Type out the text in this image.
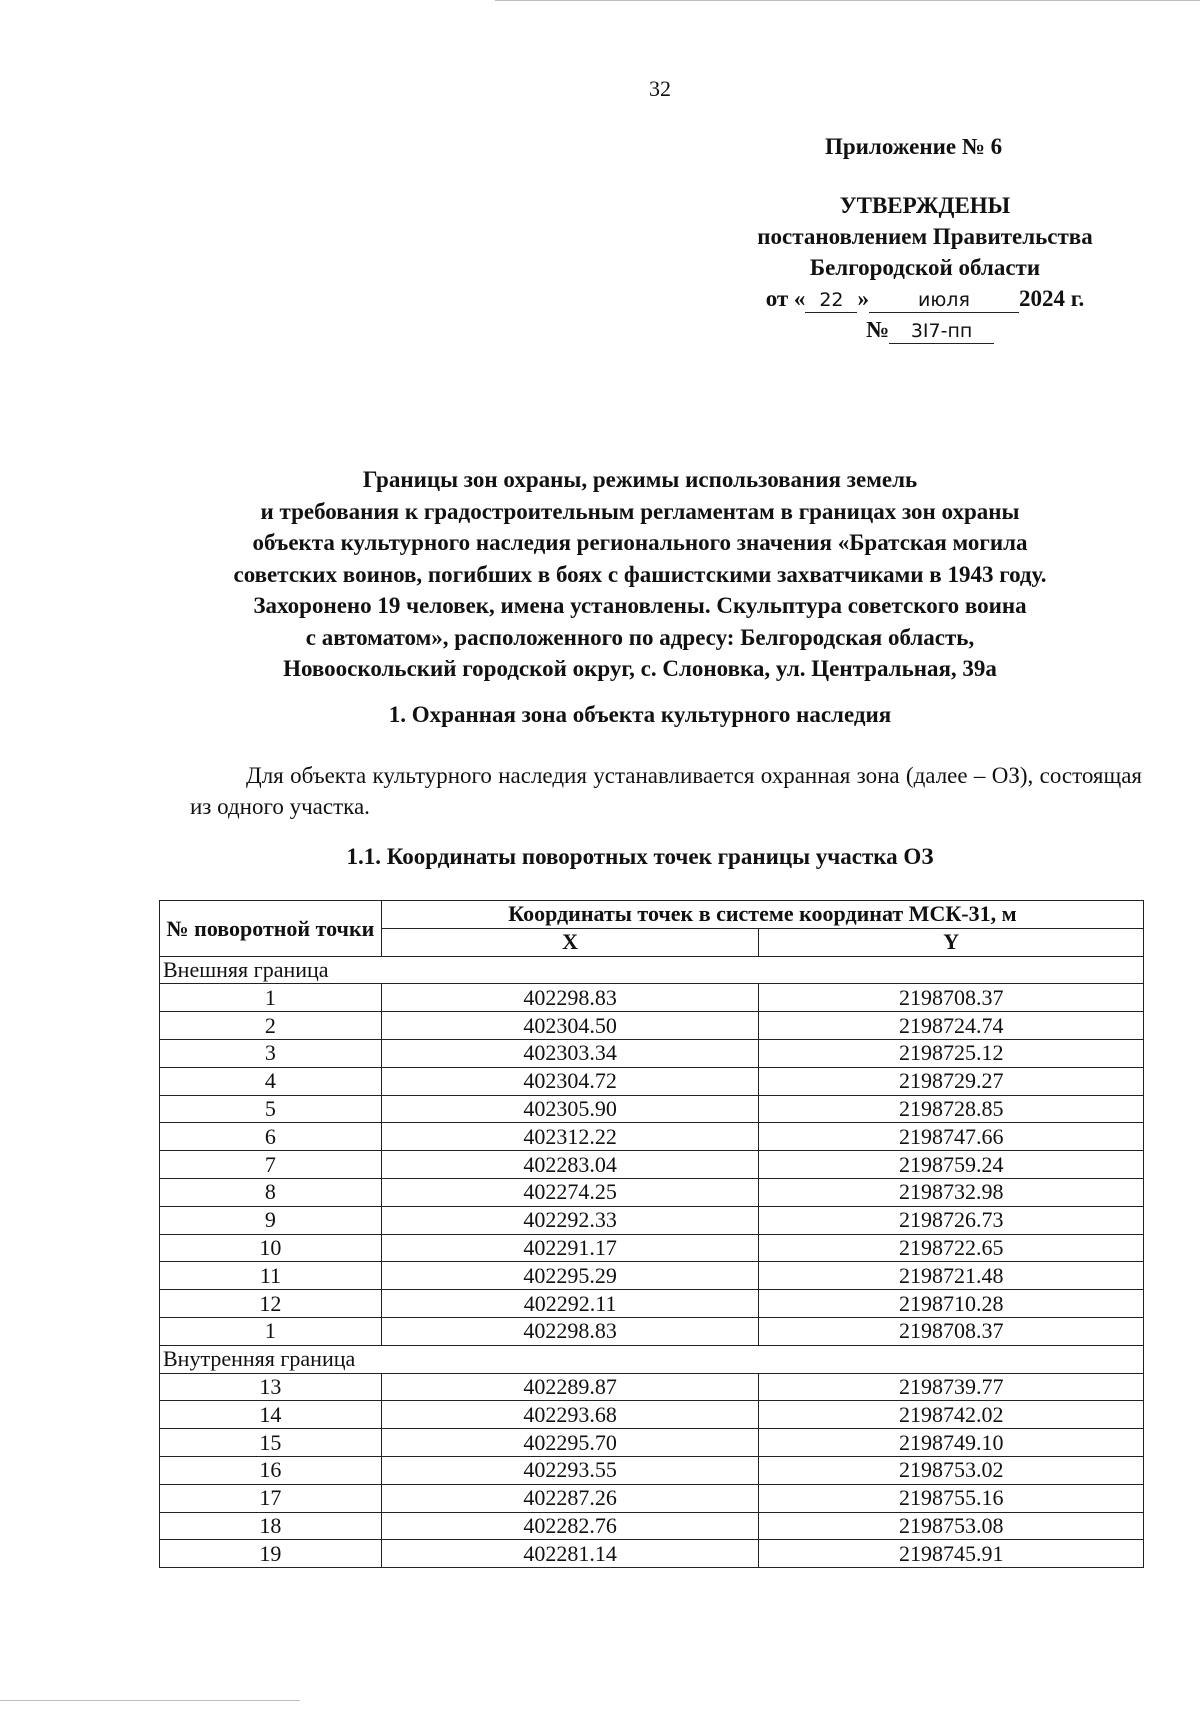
32
Приложение № 6
УТВЕРЖДЕНЫ
постановлением Правительства
Белгородской области
от « 22 »	июля 2024 г.
№ 3I7-пп
Границы зон охраны, режимы использования земель
и требования к градостроительным регламентам в границах зон охраны
объекта культурного наследия регионального значения «Братская могила
советских воинов, погибших в боях с фашистскими захватчиками в 1943 году.
Захоронено 19 человек, имена установлены. Скульптура советского воина
с автоматом», расположенного по адресу: Белгородская область,
Новооскольский городской округ, с. Слоновка, ул. Центральная, 39а
1. Охранная зона объекта культурного наследия
Для объекта культурного наследия устанавливается охранная зона (далее – ОЗ), состоящая из одного участка.
1.1. Координаты поворотных точек границы участка ОЗ
№ поворотной точки	Координаты точек в системе координат МСК-31, м	
	X	Y
Внешняя граница		
1	402298.83	2198708.37
2	402304.50	2198724.74
3	402303.34	2198725.12
4	402304.72	2198729.27
5	402305.90	2198728.85
6	402312.22	2198747.66
7	402283.04	2198759.24
8	402274.25	2198732.98
9	402292.33	2198726.73
10	402291.17	2198722.65
11	402295.29	2198721.48
12	402292.11	2198710.28
1	402298.83	2198708.37
Внутренняя граница		
13	402289.87	2198739.77
14	402293.68	2198742.02
15	402295.70	2198749.10
16	402293.55	2198753.02
17	402287.26	2198755.16
18	402282.76	2198753.08
19	402281.14	2198745.91
